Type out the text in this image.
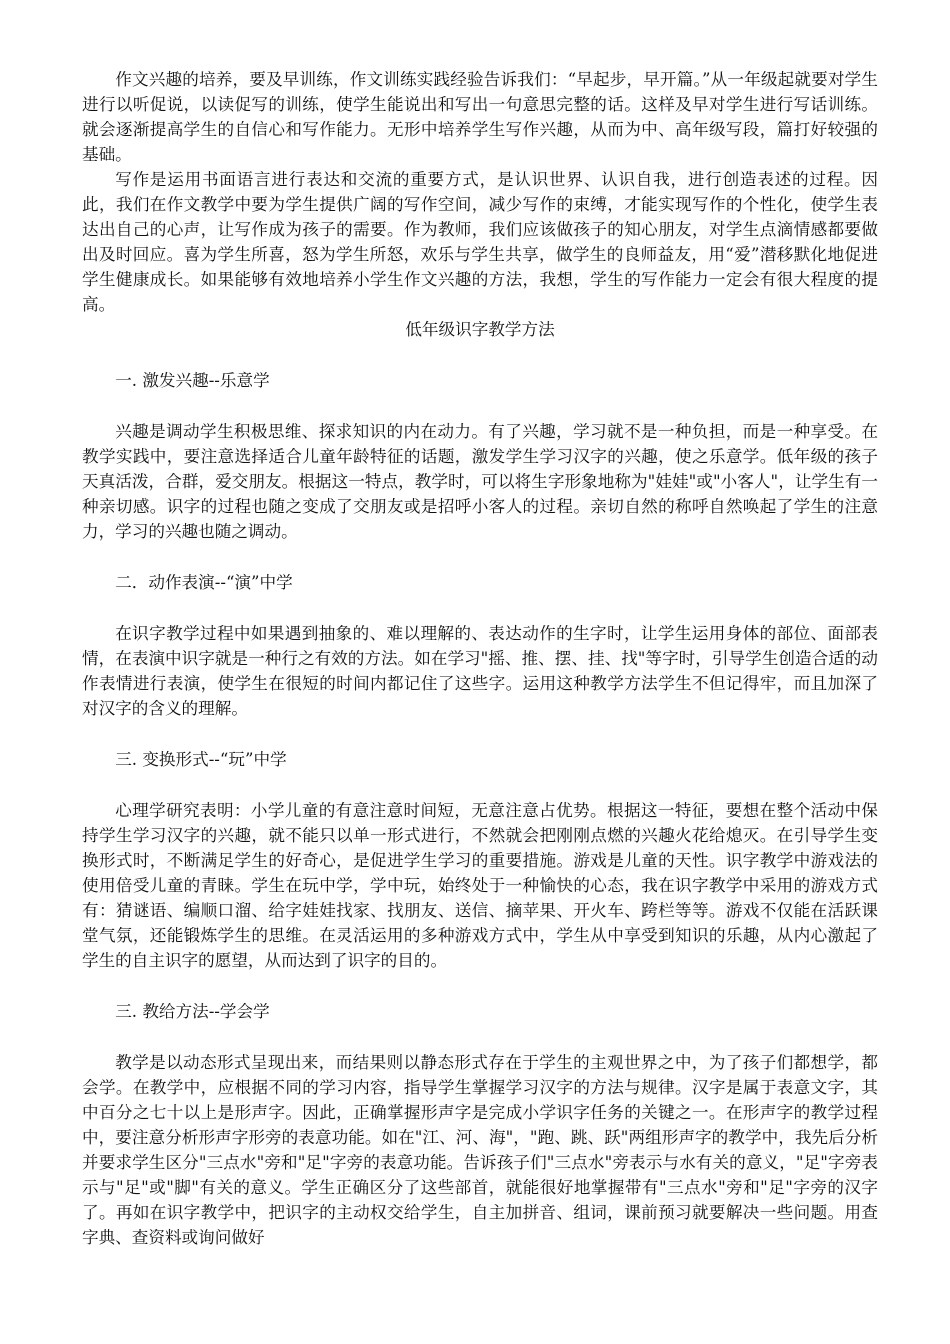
作文兴趣的培养，要及早训练，作文训练实践经验告诉我们：“早起步，早开篇。”从一年级起就要对学生进行以听促说，以读促写的训练，使学生能说出和写出一句意思完整的话。这样及早对学生进行写话训练。就会逐渐提高学生的自信心和写作能力。无形中培养学生写作兴趣，从而为中、高年级写段，篇打好较强的基础。

写作是运用书面语言进行表达和交流的重要方式，是认识世界、认识自我，进行创造表述的过程。因此，我们在作文教学中要为学生提供广阔的写作空间，减少写作的束缚，才能实现写作的个性化，使学生表达出自己的心声，让写作成为孩子的需要。作为教师，我们应该做孩子的知心朋友，对学生点滴情感都要做出及时回应。喜为学生所喜，怒为学生所怒，欢乐与学生共享，做学生的良师益友，用“爱”潜移默化地促进学生健康成长。如果能够有效地培养小学生作文兴趣的方法，我想，学生的写作能力一定会有很大程度的提高。

低年级识字教学方法

一. 激发兴趣--乐意学

兴趣是调动学生积极思维、探求知识的内在动力。有了兴趣，学习就不是一种负担，而是一种享受。在教学实践中，要注意选择适合儿童年龄特征的话题，激发学生学习汉字的兴趣，使之乐意学。低年级的孩子天真活泼，合群，爱交朋友。根据这一特点，教学时，可以将生字形象地称为"娃娃"或"小客人"，让学生有一种亲切感。识字的过程也随之变成了交朋友或是招呼小客人的过程。亲切自然的称呼自然唤起了学生的注意力，学习的兴趣也随之调动。

二．动作表演--“演”中学

在识字教学过程中如果遇到抽象的、难以理解的、表达动作的生字时，让学生运用身体的部位、面部表情，在表演中识字就是一种行之有效的方法。如在学习"摇、推、摆、挂、找"等字时，引导学生创造合适的动作表情进行表演，使学生在很短的时间内都记住了这些字。运用这种教学方法学生不但记得牢，而且加深了对汉字的含义的理解。

三. 变换形式--“玩”中学

心理学研究表明：小学儿童的有意注意时间短，无意注意占优势。根据这一特征，要想在整个活动中保持学生学习汉字的兴趣，就不能只以单一形式进行，不然就会把刚刚点燃的兴趣火花给熄灭。在引导学生变换形式时，不断满足学生的好奇心，是促进学生学习的重要措施。游戏是儿童的天性。识字教学中游戏法的使用倍受儿童的青睐。学生在玩中学，学中玩，始终处于一种愉快的心态，我在识字教学中采用的游戏方式有：猜谜语、编顺口溜、给字娃娃找家、找朋友、送信、摘苹果、开火车、跨栏等等。游戏不仅能在活跃课堂气氛，还能锻炼学生的思维。在灵活运用的多种游戏方式中，学生从中享受到知识的乐趣，从内心激起了学生的自主识字的愿望，从而达到了识字的目的。

三. 教给方法--学会学

教学是以动态形式呈现出来，而结果则以静态形式存在于学生的主观世界之中，为了孩子们都想学，都会学。在教学中，应根据不同的学习内容，指导学生掌握学习汉字的方法与规律。汉字是属于表意文字，其中百分之七十以上是形声字。因此，正确掌握形声字是完成小学识字任务的关键之一。在形声字的教学过程中，要注意分析形声字形旁的表意功能。如在"江、河、海"，"跑、跳、跃"两组形声字的教学中，我先后分析并要求学生区分"三点水"旁和"足"字旁的表意功能。告诉孩子们"三点水"旁表示与水有关的意义，"足"字旁表示与"足"或"脚"有关的意义。学生正确区分了这些部首，就能很好地掌握带有"三点水"旁和"足"字旁的汉字了。再如在识字教学中，把识字的主动权交给学生，自主加拼音、组词，课前预习就要解决一些问题。用查字典、查资料或询问做好
